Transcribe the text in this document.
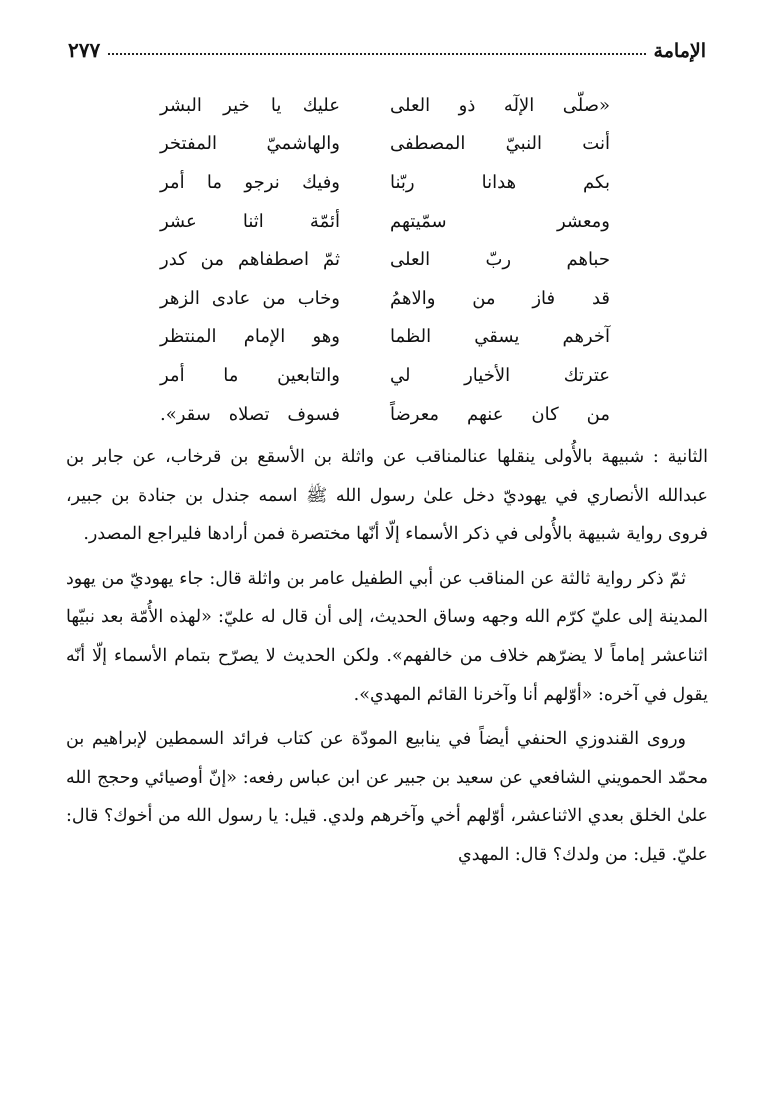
الإمامة
٢٧٧
«صلّى الإلٓه ذو العلى
عليك يا خير البشر
أنت النبيّ المصطفى
والهاشميّ المفتخر
بكم هدانا ربّنا
وفيك نرجو ما أمر
ومعشر سمّيتهم
أئمّة اثنا عشر
حباهم ربّ العلى
ثمّ اصطفاهم من كدر
قد فاز من والاهمُ
وخاب من عادى الزهر
آخرهم يسقي الظما
وهو الإمام المنتظر
عترتك الأخيار لي
والتابعين ما أمر
من كان عنهم معرضاً
فسوف تصلاه سقر».

الثانية : شبيهة بالأُولى ينقلها عنالمناقب عن واثلة بن الأسقع بن قرخاب، عن جابر بن عبدالله الأنصاري في يهوديّ دخل علىٰ رسول الله ﷺ اسمه جندل بن جنادة بن جبير، فروى رواية شبيهة بالأُولى في ذكر الأسماء إلّا أنّها مختصرة فمن أرادها فليراجع المصدر.

ثمّ ذكر رواية ثالثة عن المناقب عن أبي الطفيل عامر بن واثلة قال: جاء يهوديّ من يهود المدينة إلى عليّ كرّم الله وجهه وساق الحديث، إلى أن قال له عليّ: «لهذه الأُمّة بعد نبيّها اثناعشر إماماً لا يضرّهم خلاف من خالفهم». ولكن الحديث لا يصرّح بتمام الأسماء إلّا أنّه يقول في آخره: «أوّلهم أنا وآخرنا القائم المهدي».

وروى القندوزي الحنفي أيضاً في ينابيع المودّة عن كتاب فرائد السمطين لإبراهيم بن محمّد الحمويني الشافعي عن سعيد بن جبير عن ابن عباس رفعه: «إنّ أوصيائي وحجج الله علىٰ الخلق بعدي الاثناعشر، أوّلهم أخي وآخرهم ولدي. قيل: يا رسول الله من أخوك؟ قال: عليّ. قيل: من ولدك؟ قال: المهدي
